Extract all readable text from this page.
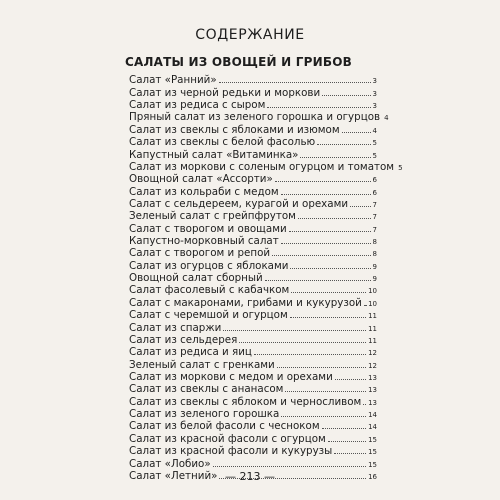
СОДЕРЖАНИЕ
САЛАТЫ ИЗ ОВОЩЕЙ И ГРИБОВ
Салат «Ранний»	3
Салат из черной редьки и моркови	3
Салат из редиса с сыром	3
Пряный салат из зеленого горошка и огурцов 4
Салат из свеклы с яблоками и изюмом	4
Салат из свеклы с белой фасолью	5
Капустный салат «Витаминка»	5
Салат из моркови с соленым огурцом и томатом 5
Овощной салат «Ассорти»	6
Салат из кольраби с медом	6
Салат с сельдереем, курагой и орехами	7
Зеленый салат с грейпфрутом	7
Салат с творогом и овощами	7
Капустно-морковный салат	8
Салат с творогом и репой	8
Салат из огурцов с яблоками	9
Овощной салат сборный	9
Салат фасолевый с кабачком	10
Салат с макаронами, грибами и кукурузой 10
Салат с черемшой и огурцом	11
Салат из спаржи	11
Салат из сельдерея	11
Салат из редиса и яиц	12
Зеленый салат с гренками	12
Салат из моркови с медом и орехами	13
Салат из свеклы с ананасом	13
Салат из свеклы с яблоком и черносливом 13
Салат из зеленого горошка	14
Салат из белой фасоли с чесноком	14
Салат из красной фасоли с огурцом	15
Салат из красной фасоли и кукурузы	15
Салат «Лобио»	15
Салат «Летний»	16
— 213 —
